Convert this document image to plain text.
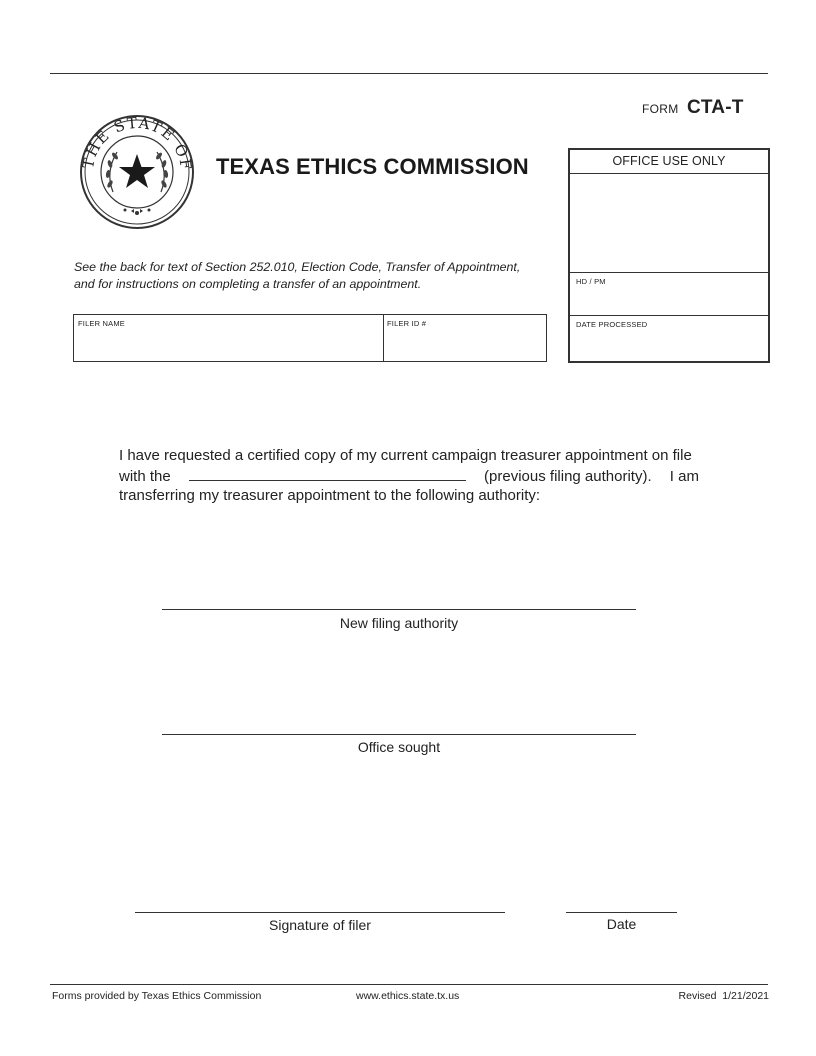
FORM CTA-T
THE STATE OF TEXAS ETHICS COMMISSION
See the back for text of Section 252.010, Election Code, Transfer of Appointment, and for instructions on completing a transfer of an appointment.
FILER NAME	FILER ID #
OFFICE USE ONLY
HD / PM
DATE PROCESSED
I have requested a certified copy of my current campaign treasurer appointment on file
with the	(previous filing authority). I am
transferring my treasurer appointment to the following authority:
New filing authority
Office sought
Signature of filer	Date
Forms provided by Texas Ethics Commission	www.ethics.state.tx.us	Revised  1/21/2021
